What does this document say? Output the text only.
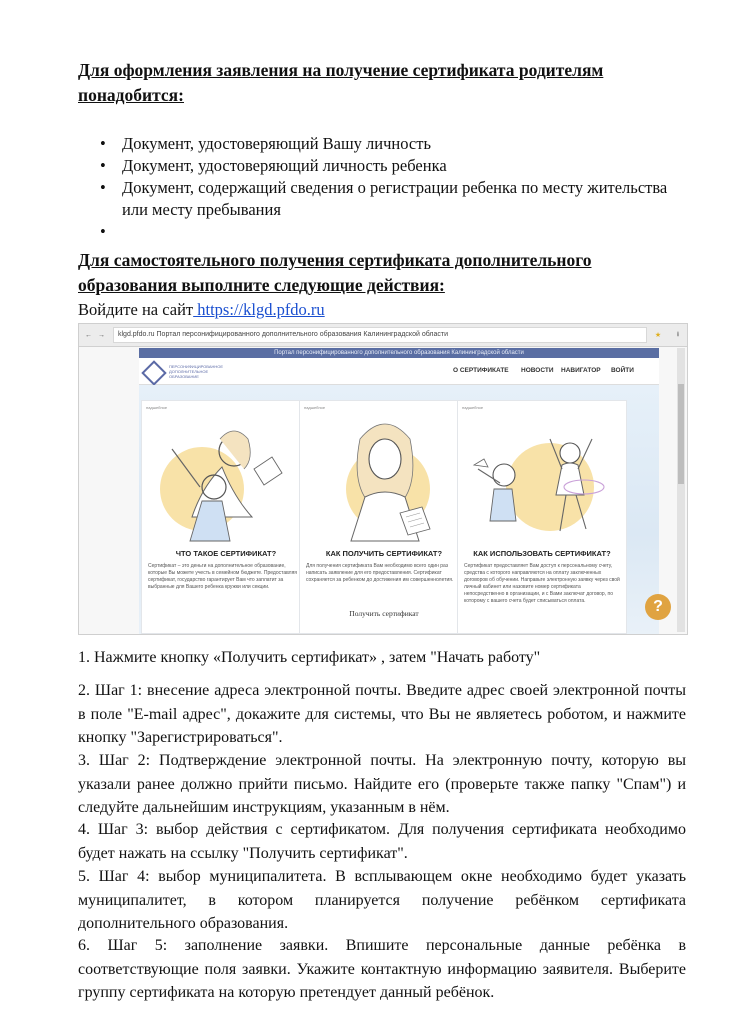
Для оформления заявления на получение сертификата родителям понадобится:
• Документ, удостоверяющий Вашу личность
• Документ, удостоверяющий личность ребенка
• Документ, содержащий сведения о регистрации ребенка по месту жительства или месту пребывания
•

Для самостоятельного получения сертификата дополнительного образования выполните следующие действия:
Войдите на сайт https://klgd.pfdo.ru
← →	klgd.pfdo.ru Портал персонифицированного дополнительного образования Калининградской области	★	⭳
Портал персонифицированного дополнительного образования Калининградской области
ПЕРСОНИФИЦИРОВАННОЕ ДОПОЛНИТЕЛЬНОЕ ОБРАЗОВАНИЕ
О СЕРТИФИКАТЕ НОВОСТИ НАВИГАТОР ВОЙТИ
надшебное
ЧТО ТАКОЕ СЕРТИФИКАТ?
Сертификат – это деньги на дополнительное образование, которые Вы можете учесть в семейном бюджете. Предоставляя сертификат, государство гарантирует Вам что заплатит за выбранные для Вашего ребенка кружки или секции.
надшебное
КАК ПОЛУЧИТЬ СЕРТИФИКАТ?
Для получения сертификата Вам необходимо всего один раз написать заявление для его предоставления. Сертификат сохраняется за ребенком до достижения им совершеннолетия.
Получить сертификат
надшебное
КАК ИСПОЛЬЗОВАТЬ СЕРТИФИКАТ?
Сертификат предоставляет Вам доступ к персональному счету, средства с которого направляются на оплату заключенных договоров об обучении. Направьте электронную заявку через свой личный кабинет или назовите номер сертификата непосредственно в организации, и с Вами заключат договор, по которому с вашего счета будет списываться оплата.	?

1. Нажмите кнопку «Получить сертификат» , затем "Начать работу"

2. Шаг 1: внесение адреса электронной почты. Введите адрес своей электронной почты в поле "E-mail адрес", докажите для системы, что Вы не являетесь роботом, и нажмите кнопку "Зарегистрироваться".

3. Шаг 2: Подтверждение электронной почты. На электронную почту, которую вы указали ранее должно прийти письмо. Найдите его (проверьте также папку "Спам") и следуйте дальнейшим инструкциям, указанным в нём.

4. Шаг 3: выбор действия с сертификатом. Для получения сертификата необходимо будет нажать на ссылку "Получить сертификат".

5. Шаг 4: выбор муниципалитета. В всплывающем окне необходимо будет указать муниципалитет, в котором планируется получение ребёнком сертификата дополнительного образования.

6. Шаг 5: заполнение заявки. Впишите персональные данные ребёнка в соответствующие поля заявки. Укажите контактную информацию заявителя. Выберите группу сертификата на которую претендует данный ребёнок.
